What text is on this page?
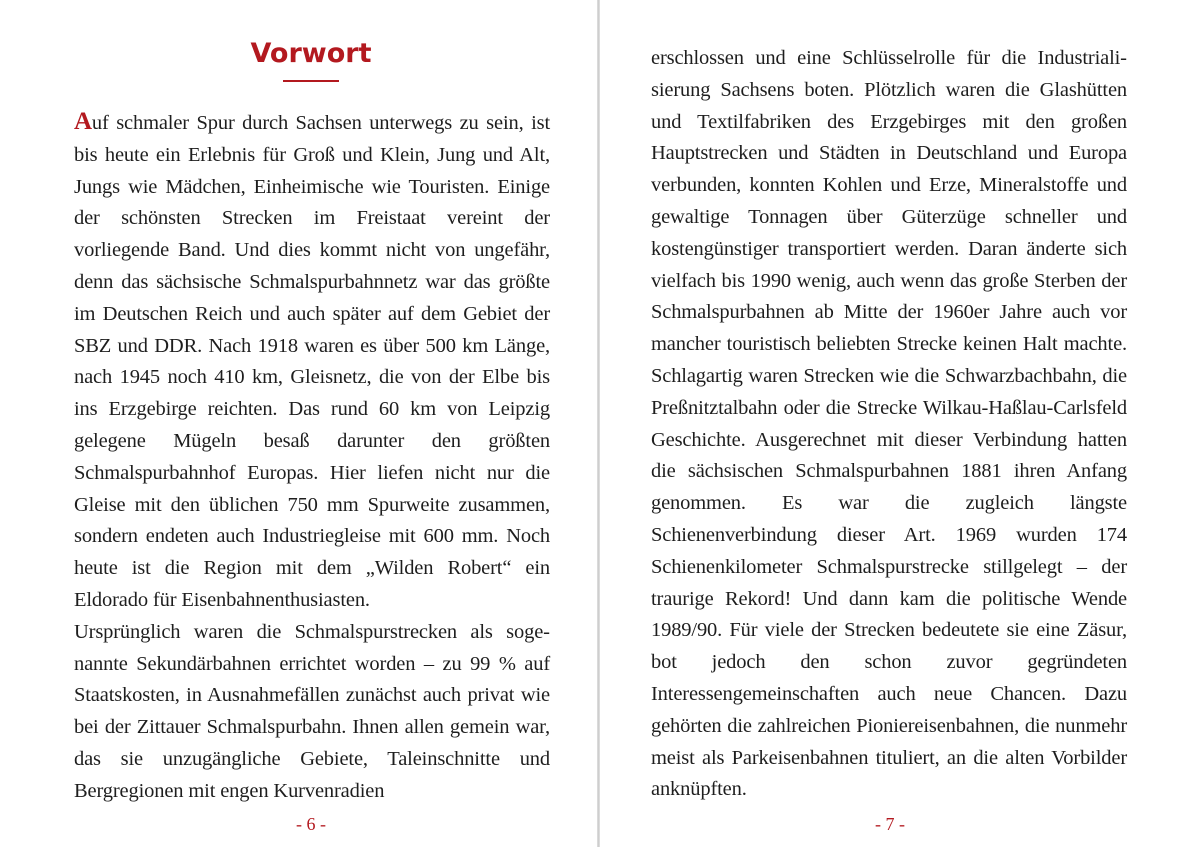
Vorwort

Auf schmaler Spur durch Sachsen unterwegs zu sein, ist bis heute ein Erlebnis für Groß und Klein, Jung und Alt, Jungs wie Mädchen, Einheimische wie Touristen. Einige der schönsten Strecken im Freistaat vereint der vorliegende Band. Und dies kommt nicht von ungefähr, denn das sächsische Schmalspurbahnnetz war das größte im Deutschen Reich und auch später auf dem Gebiet der SBZ und DDR. Nach 1918 waren es über 500 km Länge, nach 1945 noch 410 km, Gleisnetz, die von der Elbe bis ins Erzgebirge reichten. Das rund 60 km von Leipzig gelegene Mügeln besaß darunter den größten Schmalspurbahnhof Europas. Hier liefen nicht nur die Gleise mit den üblichen 750 mm Spurweite zusammen, sondern endeten auch Industriegleise mit 600 mm. Noch heute ist die Region mit dem „Wilden Robert“ ein Eldorado für Eisenbahnenthusiasten.

Ursprünglich waren die Schmalspurstrecken als sogenannte Sekundärbahnen errichtet worden – zu 99 % auf Staatskosten, in Ausnahmefällen zunächst auch privat wie bei der Zittauer Schmalspurbahn. Ihnen allen gemein war, das sie unzugängliche Gebiete, Taleinschnitte und Bergregionen mit engen Kurvenradien

- 6 -

erschlossen und eine Schlüsselrolle für die Industrialisierung Sachsens boten. Plötzlich waren die Glashütten und Textilfabriken des Erzgebirges mit den großen Hauptstrecken und Städten in Deutschland und Europa verbunden, konnten Kohlen und Erze, Mineralstoffe und gewaltige Tonnagen über Güterzüge schneller und kostengünstiger transportiert werden. Daran änderte sich vielfach bis 1990 wenig, auch wenn das große Sterben der Schmalspurbahnen ab Mitte der 1960er Jahre auch vor mancher touristisch beliebten Strecke keinen Halt machte. Schlagartig waren Strecken wie die Schwarzbachbahn, die Preßnitztalbahn oder die Strecke Wilkau-Haßlau-Carlsfeld Geschichte. Ausgerechnet mit dieser Verbindung hatten die sächsischen Schmalspurbahnen 1881 ihren Anfang genommen. Es war die zugleich längste Schienenverbindung dieser Art. 1969 wurden 174 Schienenkilometer Schmalspurstrecke stillgelegt – der traurige Rekord! Und dann kam die politische Wende 1989/90. Für viele der Strecken bedeutete sie eine Zäsur, bot jedoch den schon zuvor gegründeten Interessengemeinschaften auch neue Chancen. Dazu gehörten die zahlreichen Pioniereisenbahnen, die nunmehr meist als Parkeisenbahnen tituliert, an die alten Vorbilder anknüpften.

- 7 -
